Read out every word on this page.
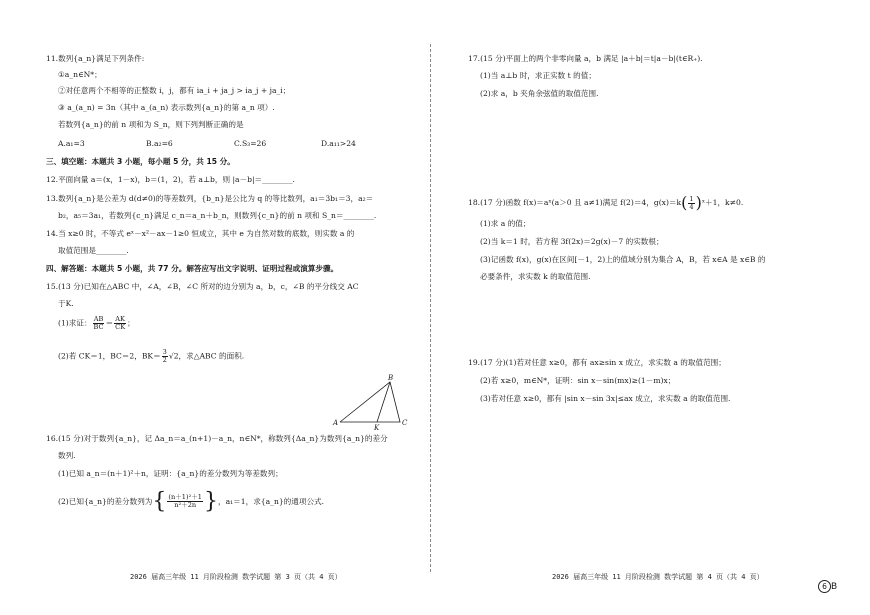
11.数列{a_n}满足下列条件:
①a_n∈N*；
②对任意两个不相等的正整数 i，j，都有 ia_i + ja_j > ia_j + ja_i；
③ a_(a_n) = 3n（其中 a_(a_n) 表示数列{a_n}的第 a_n 项）.
若数列{a_n}的前 n 项和为 S_n，则下列判断正确的是
A.a₁=3	B.a₂=6	C.S₃=26	D.a₁₁>24
三、填空题：本题共 3 小题，每小题 5 分，共 15 分。
12.平面向量 a＝(x，1－x)，b＝(1，2)，若 a⊥b，则 |a－b|＝________.
13.数列{a_n}是公差为 d(d≠0)的等差数列，{b_n}是公比为 q 的等比数列，a₁＝3b₁＝3，a₂＝
b₂，a₅＝3a₁，若数列{c_n}满足 c_n＝a_n＋b_n，则数列{c_n}的前 n 项和 S_n＝________.
14.当 x≥0 时，不等式 eˣ－x²－ax－1≥0 恒成立，其中 e 为自然对数的底数，则实数 a 的
取值范围是________.
四、解答题：本题共 5 小题，共 77 分。解答应写出文字说明、证明过程或演算步骤。
15.(13 分)已知在△ABC 中，∠A，∠B，∠C 所对的边分别为 a，b，c，∠B 的平分线交 AC
于K.
(1)求证： $\frac{AB}{BC} = \frac{AK}{CK}$ ；
(2)若 CK＝1，BC＝2，$BK= \frac{3}{2} √2$，求△ABC 的面积.
B
A
K
C
16.(15 分)对于数列{a_n}，记 Δa_n＝a_(n+1)－a_n，n∈N*，称数列{Δa_n}为数列{a_n}的差分
数列.
(1)已知 a_n＝(n＋1)²＋n，证明：{a_n}的差分数列为等差数列；
(2)已知{a_n}的差分数列为{ $\frac{\text{(n＋1)²＋1}}{\text{n²＋2n}}$ }，a₁＝1，求{a_n}的通项公式.
2026 届高三年级 11 月阶段检测 数学试题 第 3 页（共 4 页）
17.(15 分)平面上的两个非零向量 a，b 满足 |a＋b|＝t|a－b|(t∈R₊).
(1)当 a⊥b 时，求正实数 t 的值；
(2)求 a，b 夹角余弦值的取值范围.
18.(17 分)函数 f(x)＝aˣ(a＞0 且 a≠1)满足 f(2)＝4，$g(x)=k( \frac{1}{4}$ )ˣ＋1，k≠0.
(1)求 a 的值；
(2)当 k＝1 时，若方程 3f(2x)＝2g(x)－7 的实数根；
(3)记函数 f(x)，g(x)在区间[－1，2)上的值域分别为集合 A，B，若 x∈A 是 x∈B 的
必要条件，求实数 k 的取值范围.
19.(17 分)(1)若对任意 x≥0，都有 ax≥sin x 成立，求实数 a 的取值范围；
(2)若 x≥0，m∈N*，证明：sin x－sin(mx)≥(1－m)x；
(3)若对任意 x≥0，都有 |sin x－sin 3x|≤ax 成立，求实数 a 的取值范围.
2026 届高三年级 11 月阶段检测 数学试题 第 4 页（共 4 页）
6 B
